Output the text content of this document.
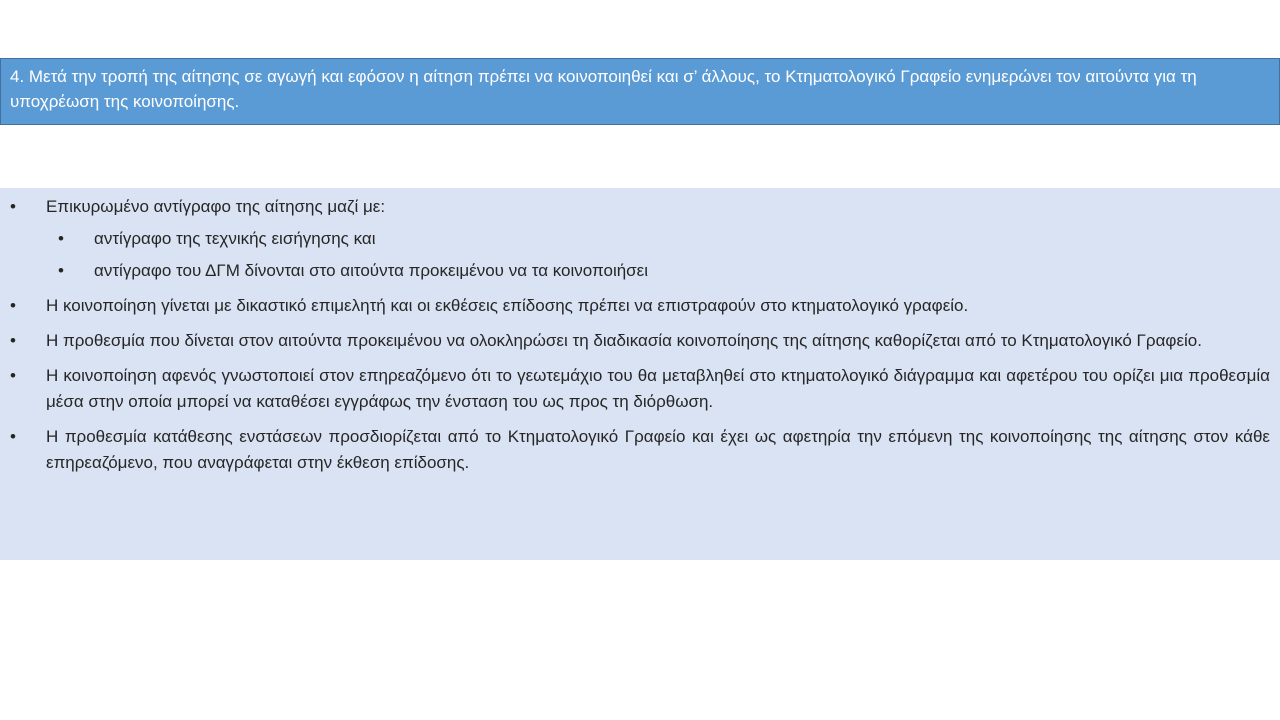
4. Μετά την τροπή της αίτησης σε αγωγή και εφόσον η αίτηση πρέπει να κοινοποιηθεί και σ’ άλλους, το Κτηματολογικό Γραφείο ενημερώνει τον αιτούντα για τη υποχρέωση της κοινοποίησης.
• Επικυρωμένο αντίγραφο της αίτησης μαζί με:
• αντίγραφο της τεχνικής εισήγησης και
• αντίγραφο του ΔΓΜ δίνονται στο αιτούντα προκειμένου να τα κοινοποιήσει
• Η κοινοποίηση γίνεται με δικαστικό επιμελητή και οι εκθέσεις επίδοσης πρέπει να επιστραφούν στο κτηματολογικό γραφείο.
• Η προθεσμία που δίνεται στον αιτούντα προκειμένου να ολοκληρώσει τη διαδικασία κοινοποίησης της αίτησης καθορίζεται από το Κτηματολογικό Γραφείο.
• Η κοινοποίηση αφενός γνωστοποιεί στον επηρεαζόμενο ότι το γεωτεμάχιο του θα μεταβληθεί στο κτηματολογικό διάγραμμα και αφετέρου του ορίζει μια προθεσμία μέσα στην οποία μπορεί να καταθέσει εγγράφως την ένσταση του ως προς τη διόρθωση.
• Η προθεσμία κατάθεσης ενστάσεων προσδιορίζεται από το Κτηματολογικό Γραφείο και έχει ως αφετηρία την επόμενη της κοινοποίησης της αίτησης στον κάθε επηρεαζόμενο, που αναγράφεται στην έκθεση επίδοσης.
